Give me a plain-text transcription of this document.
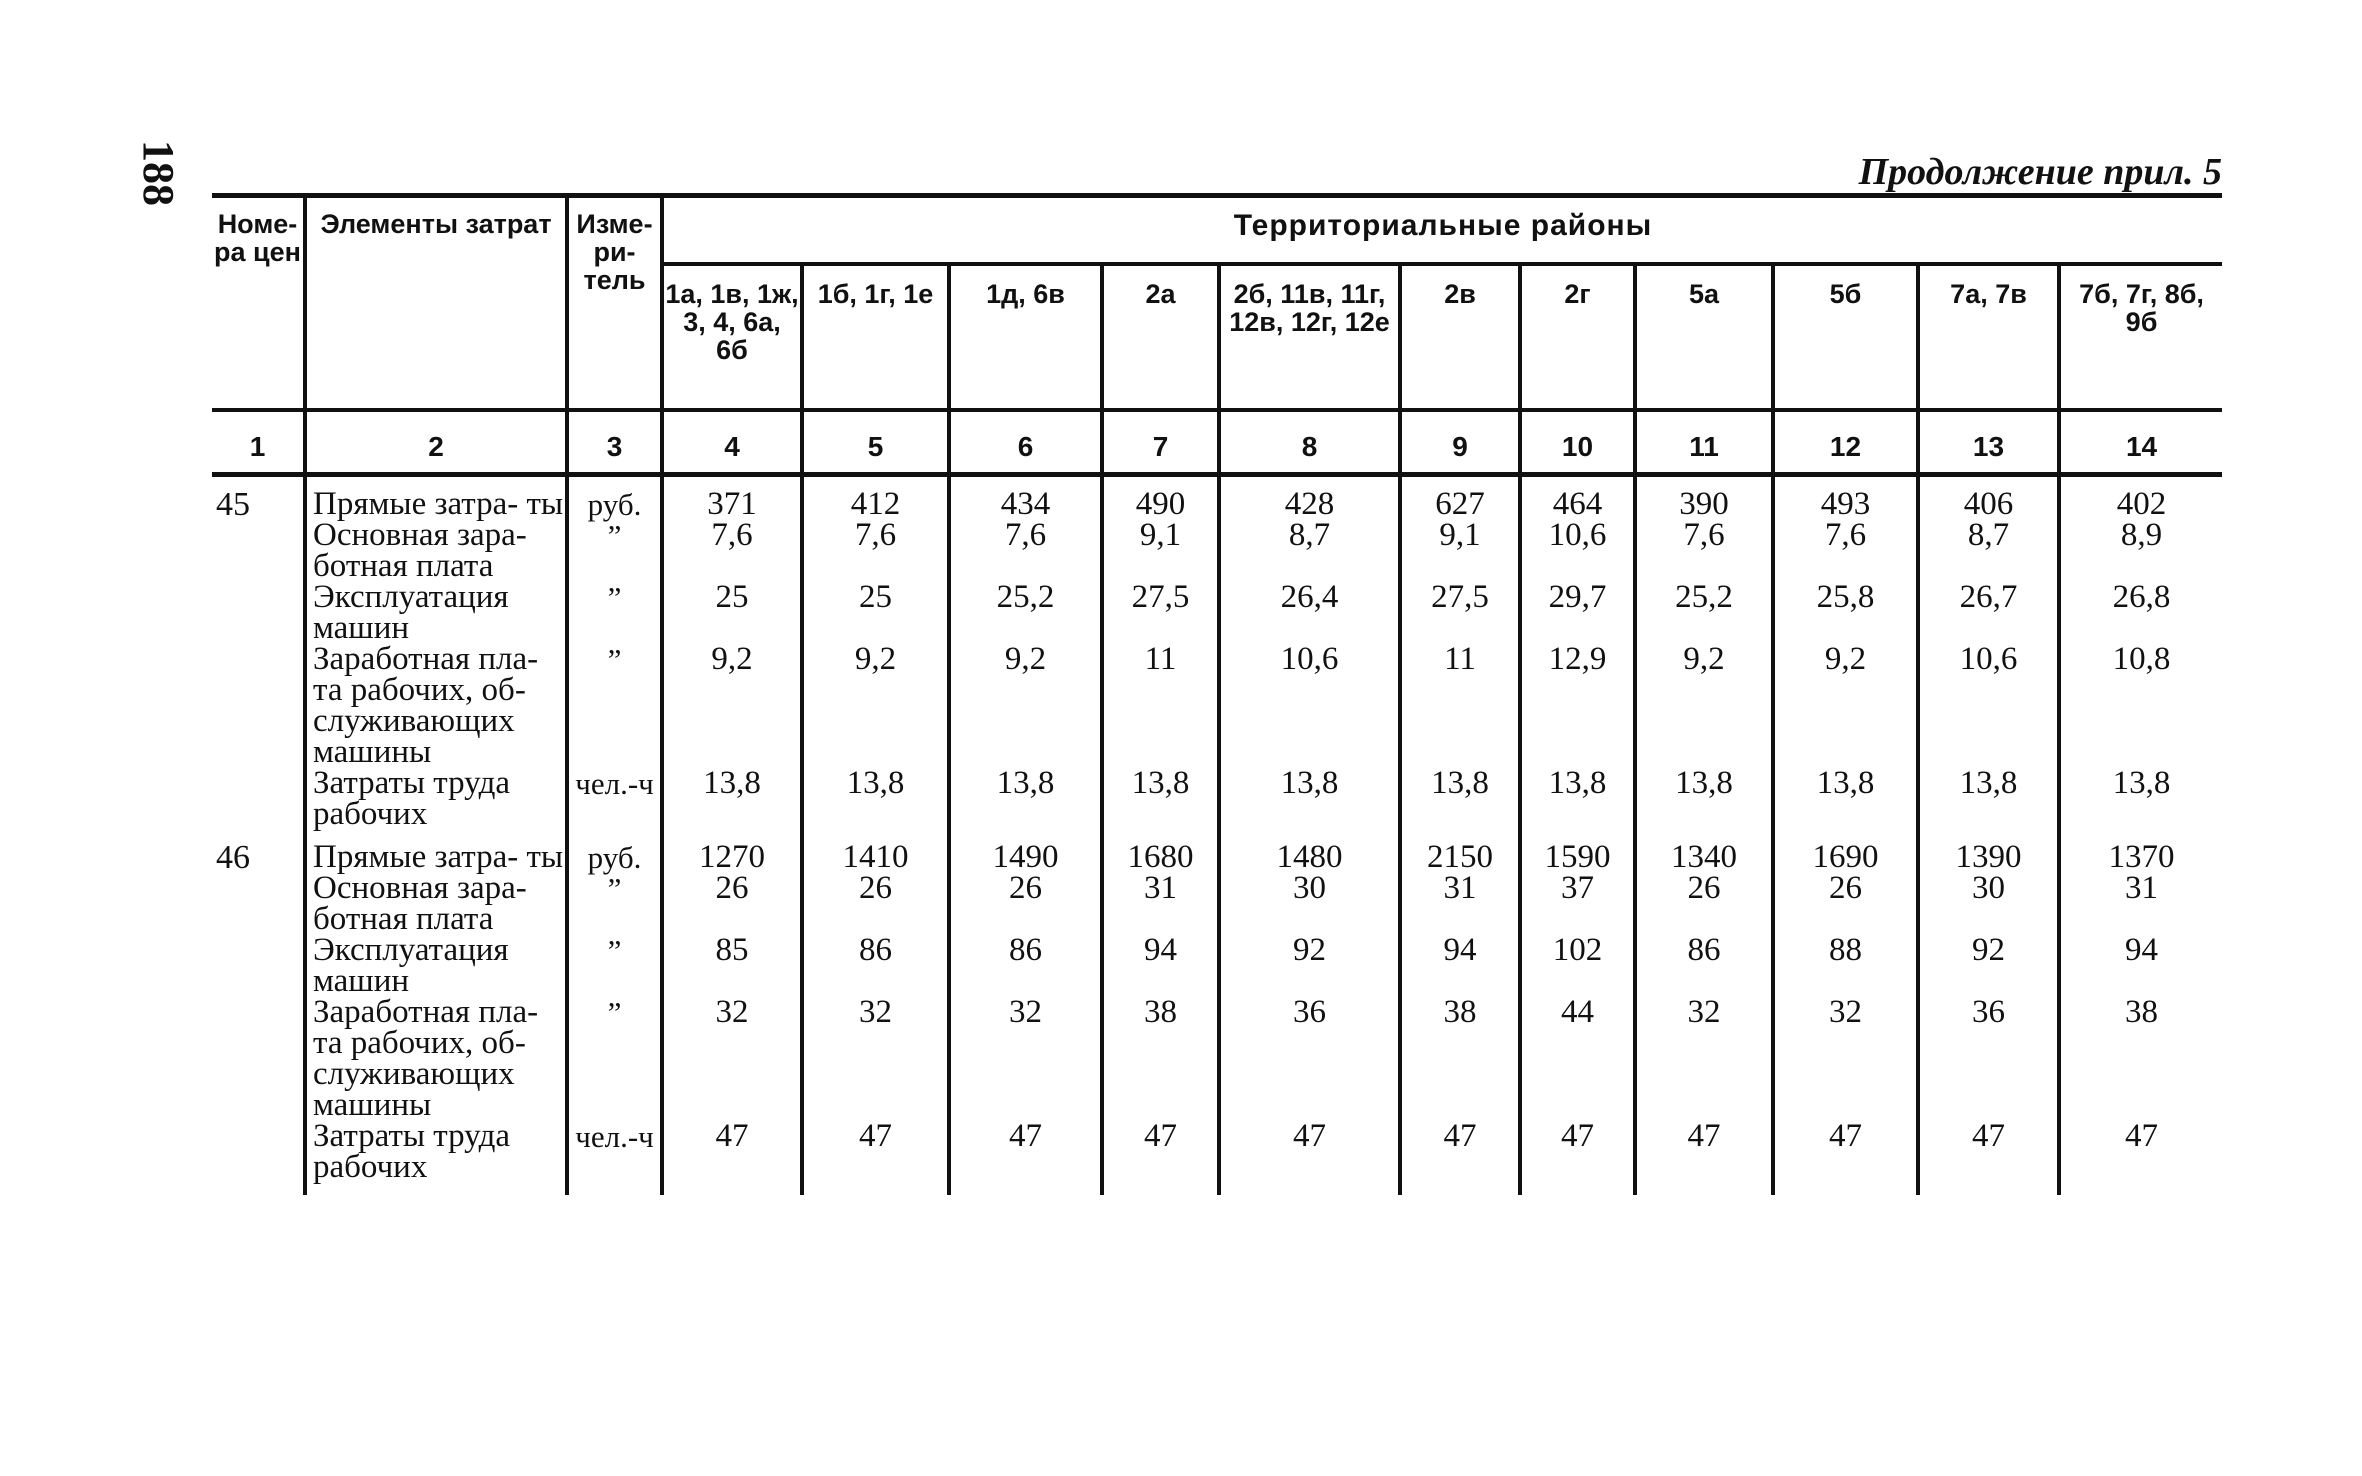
188	Продолжение прил. 5
Номе- ра цен	Элементы затрат	Изме- ри- тель	Территориальные районы										
			1а, 1в, 1ж, 3, 4, 6а, 6б	1б, 1г, 1е	1д, 6в	2а	2б, 11в, 11г, 12в, 12г, 12е	2в	2г	5а	5б	7а, 7в	7б, 7г, 8б, 9б
1	2	3	4	5	6	7	8	9	10	11	12	13	14
45	Прямые затра- ты	руб.	371	412	434	490	428	627	464	390	493	406	402
	Основная зара- ботная плата	”	7,6	7,6	7,6	9,1	8,7	9,1	10,6	7,6	7,6	8,7	8,9
	Эксплуатация машин	”	25	25	25,2	27,5	26,4	27,5	29,7	25,2	25,8	26,7	26,8
	Заработная пла- та рабочих, об- служивающих машины	”	9,2	9,2	9,2	11	10,6	11	12,9	9,2	9,2	10,6	10,8
	Затраты труда рабочих	чел.-ч	13,8	13,8	13,8	13,8	13,8	13,8	13,8	13,8	13,8	13,8	13,8
46	Прямые затра- ты	руб.	1270	1410	1490	1680	1480	2150	1590	1340	1690	1390	1370
	Основная зара- ботная плата	”	26	26	26	31	30	31	37	26	26	30	31
	Эксплуатация машин	”	85	86	86	94	92	94	102	86	88	92	94
	Заработная пла- та рабочих, об- служивающих машины	”	32	32	32	38	36	38	44	32	32	36	38
	Затраты труда рабочих	чел.-ч	47	47	47	47	47	47	47	47	47	47	47
